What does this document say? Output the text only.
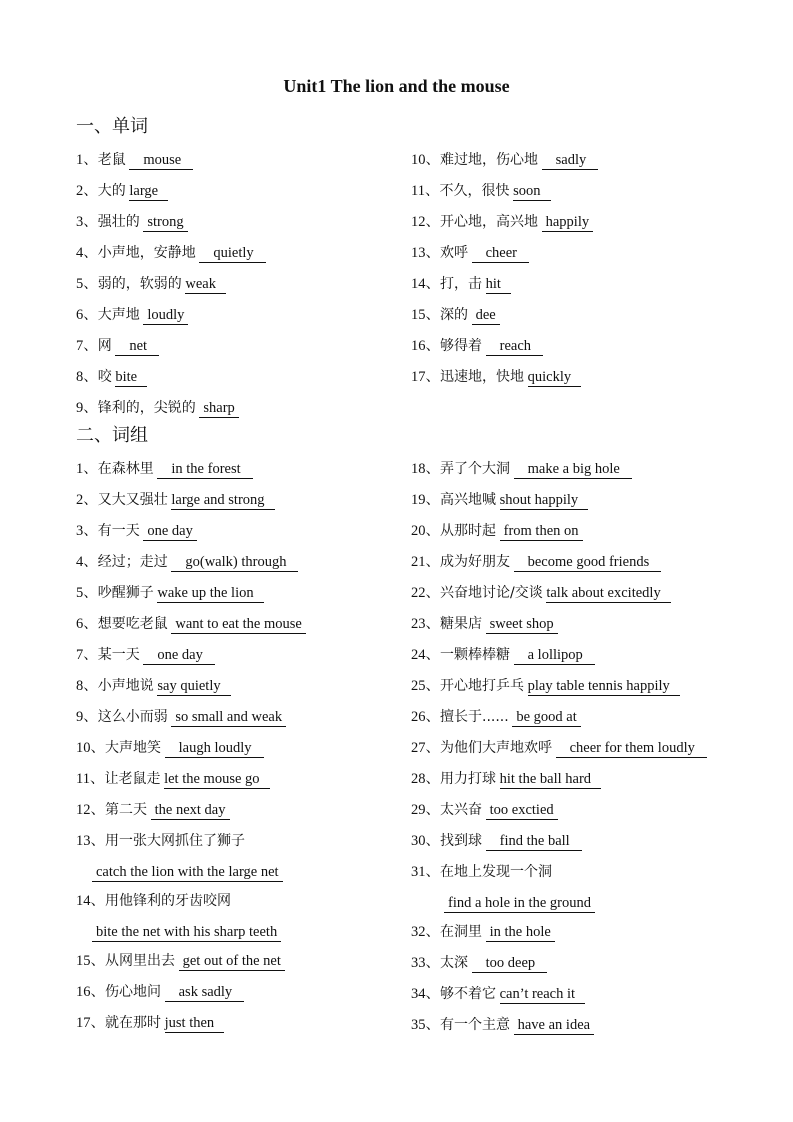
Unit1 The lion and the mouse
一、单词
二、词组
1、老鼠 mouse
2、大的 large
3、强壮的 strong
4、小声地，安静地 quietly
5、弱的，软弱的 weak
6、大声地 loudly
7、网 net
8、咬 bite
9、锋利的，尖锐的 sharp
10、难过地，伤心地 sadly
11、不久，很快 soon
12、开心地，高兴地 happily
13、欢呼 cheer
14、打，击 hit
15、深的 dee
16、够得着 reach
17、迅速地，快地 quickly
1、在森林里 in the forest
2、又大又强壮 large and strong
3、有一天 one day
4、经过；走过 go(walk) through
5、吵醒狮子 wake up the lion
6、想要吃老鼠 want to eat the mouse
7、某一天 one day
8、小声地说 say quietly
9、这么小而弱 so small and weak
10、大声地笑 laugh loudly
11、让老鼠走 let the mouse go
12、第二天 the next day
13、用一张大网抓住了狮子
catch the lion with the large net
14、用他锋利的牙齿咬网
bite the net with his sharp teeth
15、从网里出去 get out of the net
16、伤心地问 ask sadly
17、就在那时 just then
18、弄了个大洞 make a big hole
19、高兴地喊 shout happily
20、从那时起 from then on
21、成为好朋友 become good friends
22、兴奋地讨论/交谈 talk about excitedly
23、糖果店 sweet shop
24、一颗棒棒糖 a lollipop
25、开心地打乒乓 play table tennis happily
26、擅长于...... be good at
27、为他们大声地欢呼 cheer for them loudly
28、用力打球 hit the ball hard
29、太兴奋 too exctied
30、找到球 find the ball
31、在地上发现一个洞
find a hole in the ground
32、在洞里 in the hole
33、太深 too deep
34、够不着它 can’t reach it
35、有一个主意 have an idea
